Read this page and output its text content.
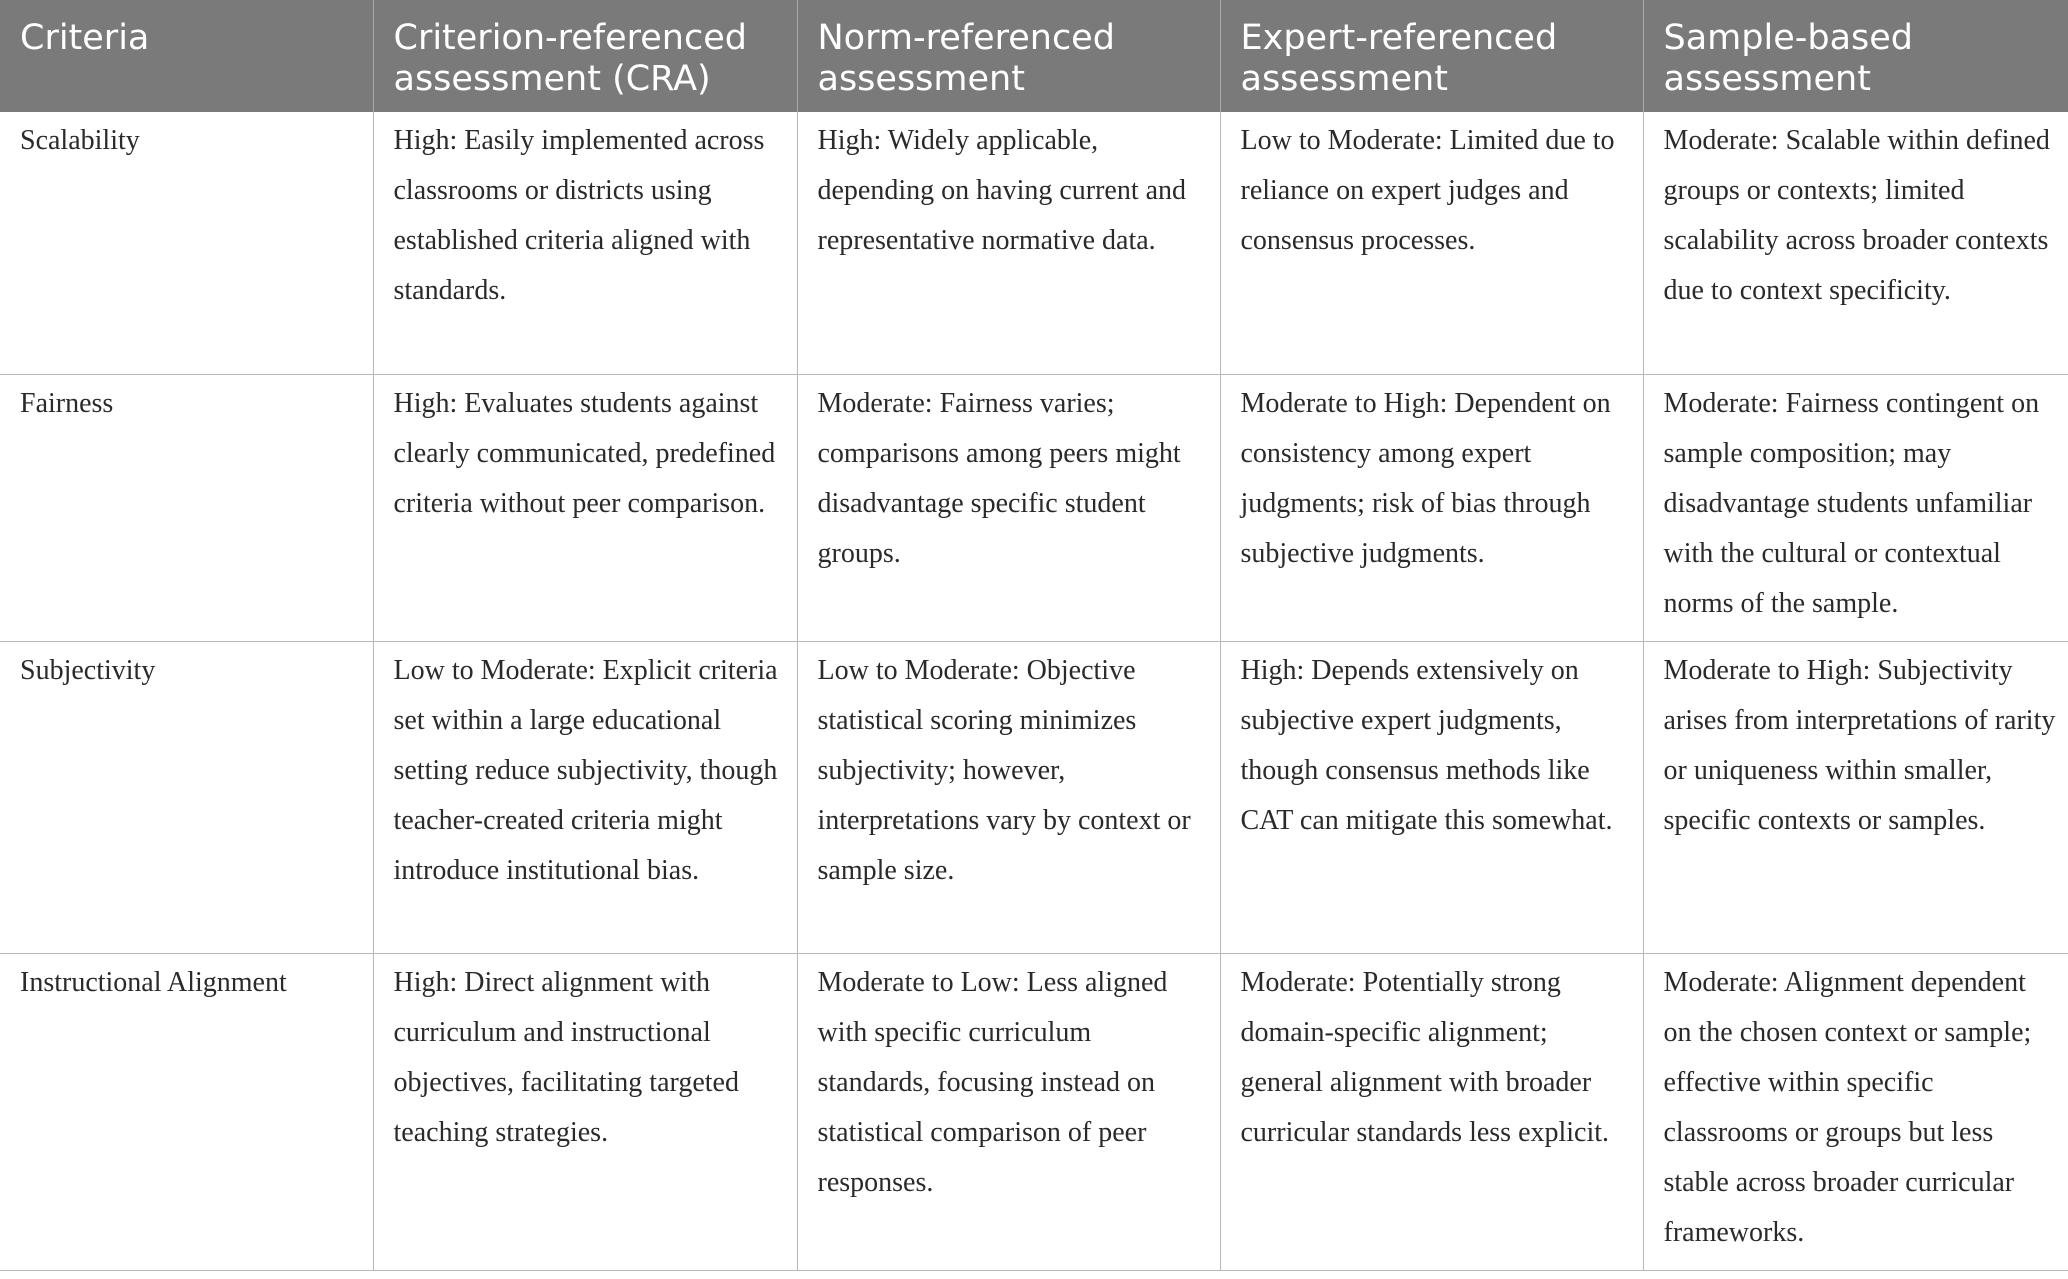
Criteria	Criterion-referenced assessment (CRA)	Norm-referenced assessment	Expert-referenced assessment	Sample-based assessment
Scalability	High: Easily implemented across classrooms or districts using established criteria aligned with standards.	High: Widely applicable, depending on having current and representative normative data.	Low to Moderate: Limited due to reliance on expert judges and consensus processes.	Moderate: Scalable within defined groups or contexts; limited scalability across broader contexts due to context specificity.
Fairness	High: Evaluates students against clearly communicated, predefined criteria without peer comparison.	Moderate: Fairness varies; comparisons among peers might disadvantage specific student groups.	Moderate to High: Dependent on consistency among expert judgments; risk of bias through subjective judgments.	Moderate: Fairness contingent on sample composition; may disadvantage students unfamiliar with the cultural or contextual norms of the sample.
Subjectivity	Low to Moderate: Explicit criteria set within a large educational setting reduce subjectivity, though teacher-created criteria might introduce institutional bias.	Low to Moderate: Objective statistical scoring minimizes subjectivity; however, interpretations vary by context or sample size.	High: Depends extensively on subjective expert judgments, though consensus methods like CAT can mitigate this somewhat.	Moderate to High: Subjectivity arises from interpretations of rarity or uniqueness within smaller, specific contexts or samples.
Instructional Alignment	High: Direct alignment with curriculum and instructional objectives, facilitating targeted teaching strategies.	Moderate to Low: Less aligned with specific curriculum standards, focusing instead on statistical comparison of peer responses.	Moderate: Potentially strong domain-specific alignment; general alignment with broader curricular standards less explicit.	Moderate: Alignment dependent on the chosen context or sample; effective within specific classrooms or groups but less stable across broader curricular frameworks.
